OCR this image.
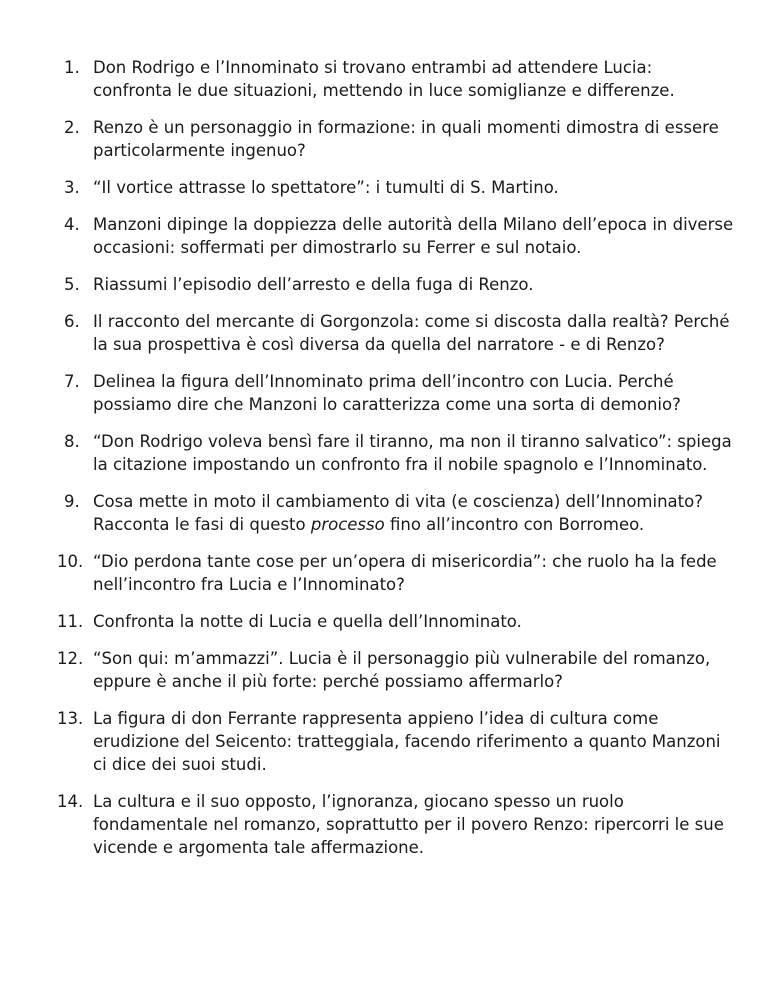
1. Don Rodrigo e l’Innominato si trovano entrambi ad attendere Lucia: confronta le due situazioni, mettendo in luce somiglianze e differenze.
2. Renzo è un personaggio in formazione: in quali momenti dimostra di essere particolarmente ingenuo?
3. “Il vortice attrasse lo spettatore”: i tumulti di S. Martino.
4. Manzoni dipinge la doppiezza delle autorità della Milano dell’epoca in diverse occasioni: soffermati per dimostrarlo su Ferrer e sul notaio.
5. Riassumi l’episodio dell’arresto e della fuga di Renzo.
6. Il racconto del mercante di Gorgonzola: come si discosta dalla realtà? Perché la sua prospettiva è così diversa da quella del narratore - e di Renzo?
7. Delinea la figura dell’Innominato prima dell’incontro con Lucia. Perché possiamo dire che Manzoni lo caratterizza come una sorta di demonio?
8. “Don Rodrigo voleva bensì fare il tiranno, ma non il tiranno salvatico”: spiega la citazione impostando un confronto fra il nobile spagnolo e l’Innominato.
9. Cosa mette in moto il cambiamento di vita (e coscienza) dell’Innominato? Racconta le fasi di questo processo fino all’incontro con Borromeo.
10. “Dio perdona tante cose per un’opera di misericordia”: che ruolo ha la fede nell’incontro fra Lucia e l’Innominato?
11. Confronta la notte di Lucia e quella dell’Innominato.
12. “Son qui: m’ammazzi”. Lucia è il personaggio più vulnerabile del romanzo, eppure è anche il più forte: perché possiamo affermarlo?
13. La figura di don Ferrante rappresenta appieno l’idea di cultura come erudizione del Seicento: tratteggiala, facendo riferimento a quanto Manzoni ci dice dei suoi studi.
14. La cultura e il suo opposto, l’ignoranza, giocano spesso un ruolo fondamentale nel romanzo, soprattutto per il povero Renzo: ripercorri le sue vicende e argomenta tale affermazione.
